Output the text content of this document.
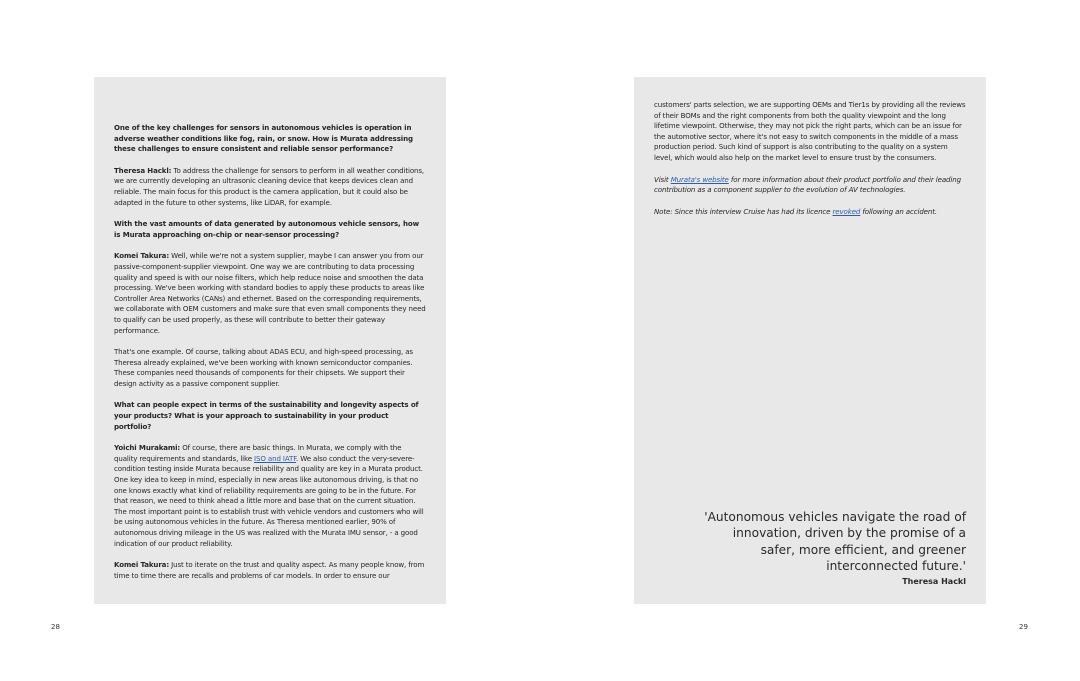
One of the key challenges for sensors in autonomous vehicles is operation in adverse weather conditions like fog, rain, or snow. How is Murata addressing these challenges to ensure consistent and reliable sensor performance?

Theresa Hackl: To address the challenge for sensors to perform in all weather conditions, we are currently developing an ultrasonic cleaning device that keeps devices clean and reliable. The main focus for this product is the camera application, but it could also be adapted in the future to other systems, like LiDAR, for example.

With the vast amounts of data generated by autonomous vehicle sensors, how is Murata approaching on-chip or near-sensor processing?

Komei Takura: Well, while we're not a system supplier, maybe I can answer you from our passive-component-supplier viewpoint. One way we are contributing to data processing quality and speed is with our noise filters, which help reduce noise and smoothen the data processing. We've been working with standard bodies to apply these products to areas like Controller Area Networks (CANs) and ethernet. Based on the corresponding requirements, we collaborate with OEM customers and make sure that even small components they need to qualify can be used properly, as these will contribute to better their gateway performance.

That's one example. Of course, talking about ADAS ECU, and high-speed processing, as Theresa already explained, we've been working with known semiconductor companies. These companies need thousands of components for their chipsets. We support their design activity as a passive component supplier.

What can people expect in terms of the sustainability and longevity aspects of your products? What is your approach to sustainability in your product portfolio?

Yoichi Murakami: Of course, there are basic things. In Murata, we comply with the quality requirements and standards, like ISO and IATF. We also conduct the very-severe-condition testing inside Murata because reliability and quality are key in a Murata product. One key idea to keep in mind, especially in new areas like autonomous driving, is that no one knows exactly what kind of reliability requirements are going to be in the future. For that reason, we need to think ahead a little more and base that on the current situation. The most important point is to establish trust with vehicle vendors and customers who will be using autonomous vehicles in the future. As Theresa mentioned earlier, 90% of autonomous driving mileage in the US was realized with the Murata IMU sensor, - a good indication of our product reliability.

Komei Takura: Just to iterate on the trust and quality aspect. As many people know, from time to time there are recalls and problems of car models. In order to ensure our

customers' parts selection, we are supporting OEMs and Tier1s by providing all the reviews of their BOMs and the right components from both the quality viewpoint and the long lifetime viewpoint. Otherwise, they may not pick the right parts, which can be an issue for the automotive sector, where it's not easy to switch components in the middle of a mass production period. Such kind of support is also contributing to the quality on a system level, which would also help on the market level to ensure trust by the consumers.

Visit Murata's website for more information about their product portfolio and their leading contribution as a component supplier to the evolution of AV technologies.

Note: Since this interview Cruise has had its licence revoked following an accident.

'Autonomous vehicles navigate the road of innovation, driven by the promise of a safer, more efficient, and greener interconnected future.'

Theresa Hackl

28	29
